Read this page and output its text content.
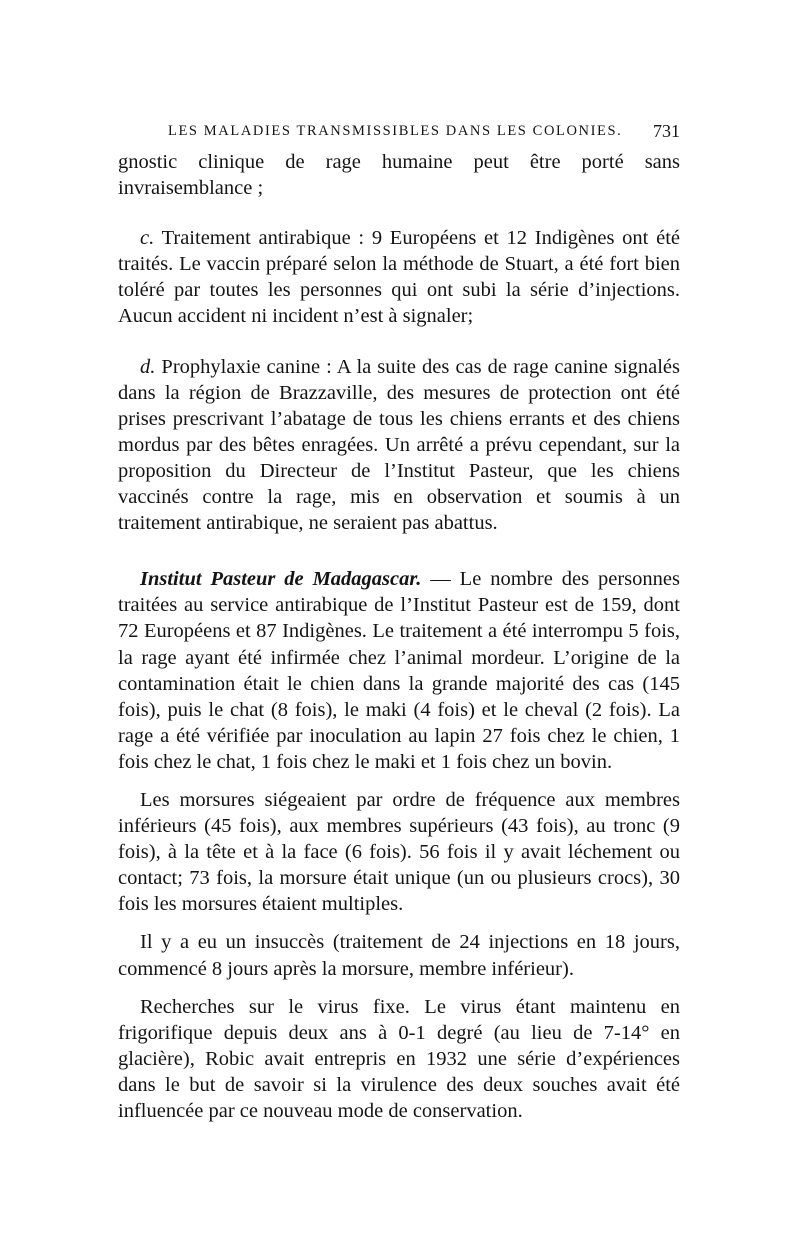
LES MALADIES TRANSMISSIBLES DANS LES COLONIES. 731

gnostic clinique de rage humaine peut être porté sans invraisemblance ;

c. Traitement antirabique : 9 Européens et 12 Indigènes ont été traités. Le vaccin préparé selon la méthode de Stuart, a été fort bien toléré par toutes les personnes qui ont subi la série d’injections. Aucun accident ni incident n’est à signaler;

d. Prophylaxie canine : A la suite des cas de rage canine signalés dans la région de Brazzaville, des mesures de protection ont été prises prescrivant l’abatage de tous les chiens errants et des chiens mordus par des bêtes enragées. Un arrêté a prévu cependant, sur la proposition du Directeur de l’Institut Pasteur, que les chiens vaccinés contre la rage, mis en observation et soumis à un traitement antirabique, ne seraient pas abattus.

Institut Pasteur de Madagascar. — Le nombre des personnes traitées au service antirabique de l’Institut Pasteur est de 159, dont 72 Européens et 87 Indigènes. Le traitement a été interrompu 5 fois, la rage ayant été infirmée chez l’animal mordeur. L’origine de la contamination était le chien dans la grande majorité des cas (145 fois), puis le chat (8 fois), le maki (4 fois) et le cheval (2 fois). La rage a été vérifiée par inoculation au lapin 27 fois chez le chien, 1 fois chez le chat, 1 fois chez le maki et 1 fois chez un bovin.

Les morsures siégeaient par ordre de fréquence aux membres inférieurs (45 fois), aux membres supérieurs (43 fois), au tronc (9 fois), à la tête et à la face (6 fois). 56 fois il y avait léchement ou contact; 73 fois, la morsure était unique (un ou plusieurs crocs), 30 fois les morsures étaient multiples.

Il y a eu un insuccès (traitement de 24 injections en 18 jours, commencé 8 jours après la morsure, membre inférieur).

Recherches sur le virus fixe. Le virus étant maintenu en frigorifique depuis deux ans à 0-1 degré (au lieu de 7-14° en glacière), Robic avait entrepris en 1932 une série d’expériences dans le but de savoir si la virulence des deux souches avait été influencée par ce nouveau mode de conservation.
